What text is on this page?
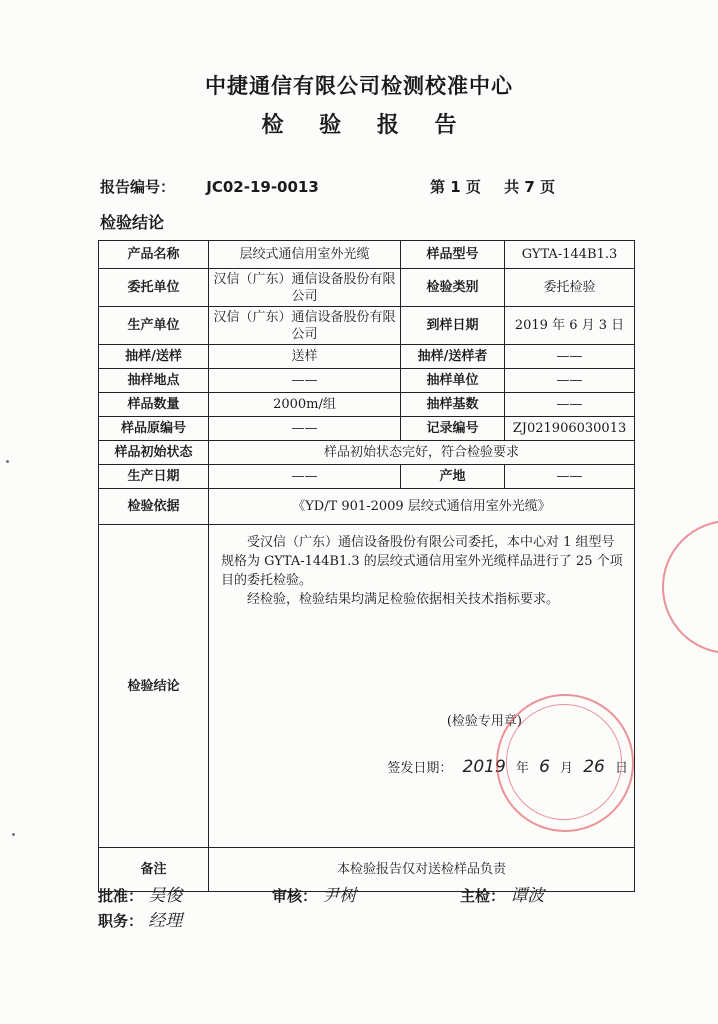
中捷通信有限公司检测校准中心
检 验 报 告
报告编号： JC02-19-0013	第 1 页 共 7 页
检验结论
产品名称	层绞式通信用室外光缆	样品型号	GYTA-144B1.3
委托单位	汉信（广东）通信设备股份有限公司	检验类别	委托检验
生产单位	汉信（广东）通信设备股份有限公司	到样日期	2019 年 6 月 3 日
抽样/送样	送样	抽样/送样者	——
抽样地点	——	抽样单位	——
样品数量	2000m/组	抽样基数	——
样品原编号	——	记录编号	ZJ021906030013
样品初始状态	样品初始状态完好，符合检验要求		
生产日期	——	产地	——
检验依据	《YD/T 901-2009 层绞式通信用室外光缆》		
检验结论	受汉信（广东）通信设备股份有限公司委托，本中心对 1 组型号规格为 GYTA-144B1.3 的层绞式通信用室外光缆样品进行了 25 个项目的委托检验。
经检验，检验结果均满足检验依据相关技术指标要求。
(检验专用章)
签发日期： 2019 年 6 月 26 日		

备注	本检验报告仅对送检样品负责		
批准： 吴俊
职务： 经理
审核： 尹树	主检： 谭波
